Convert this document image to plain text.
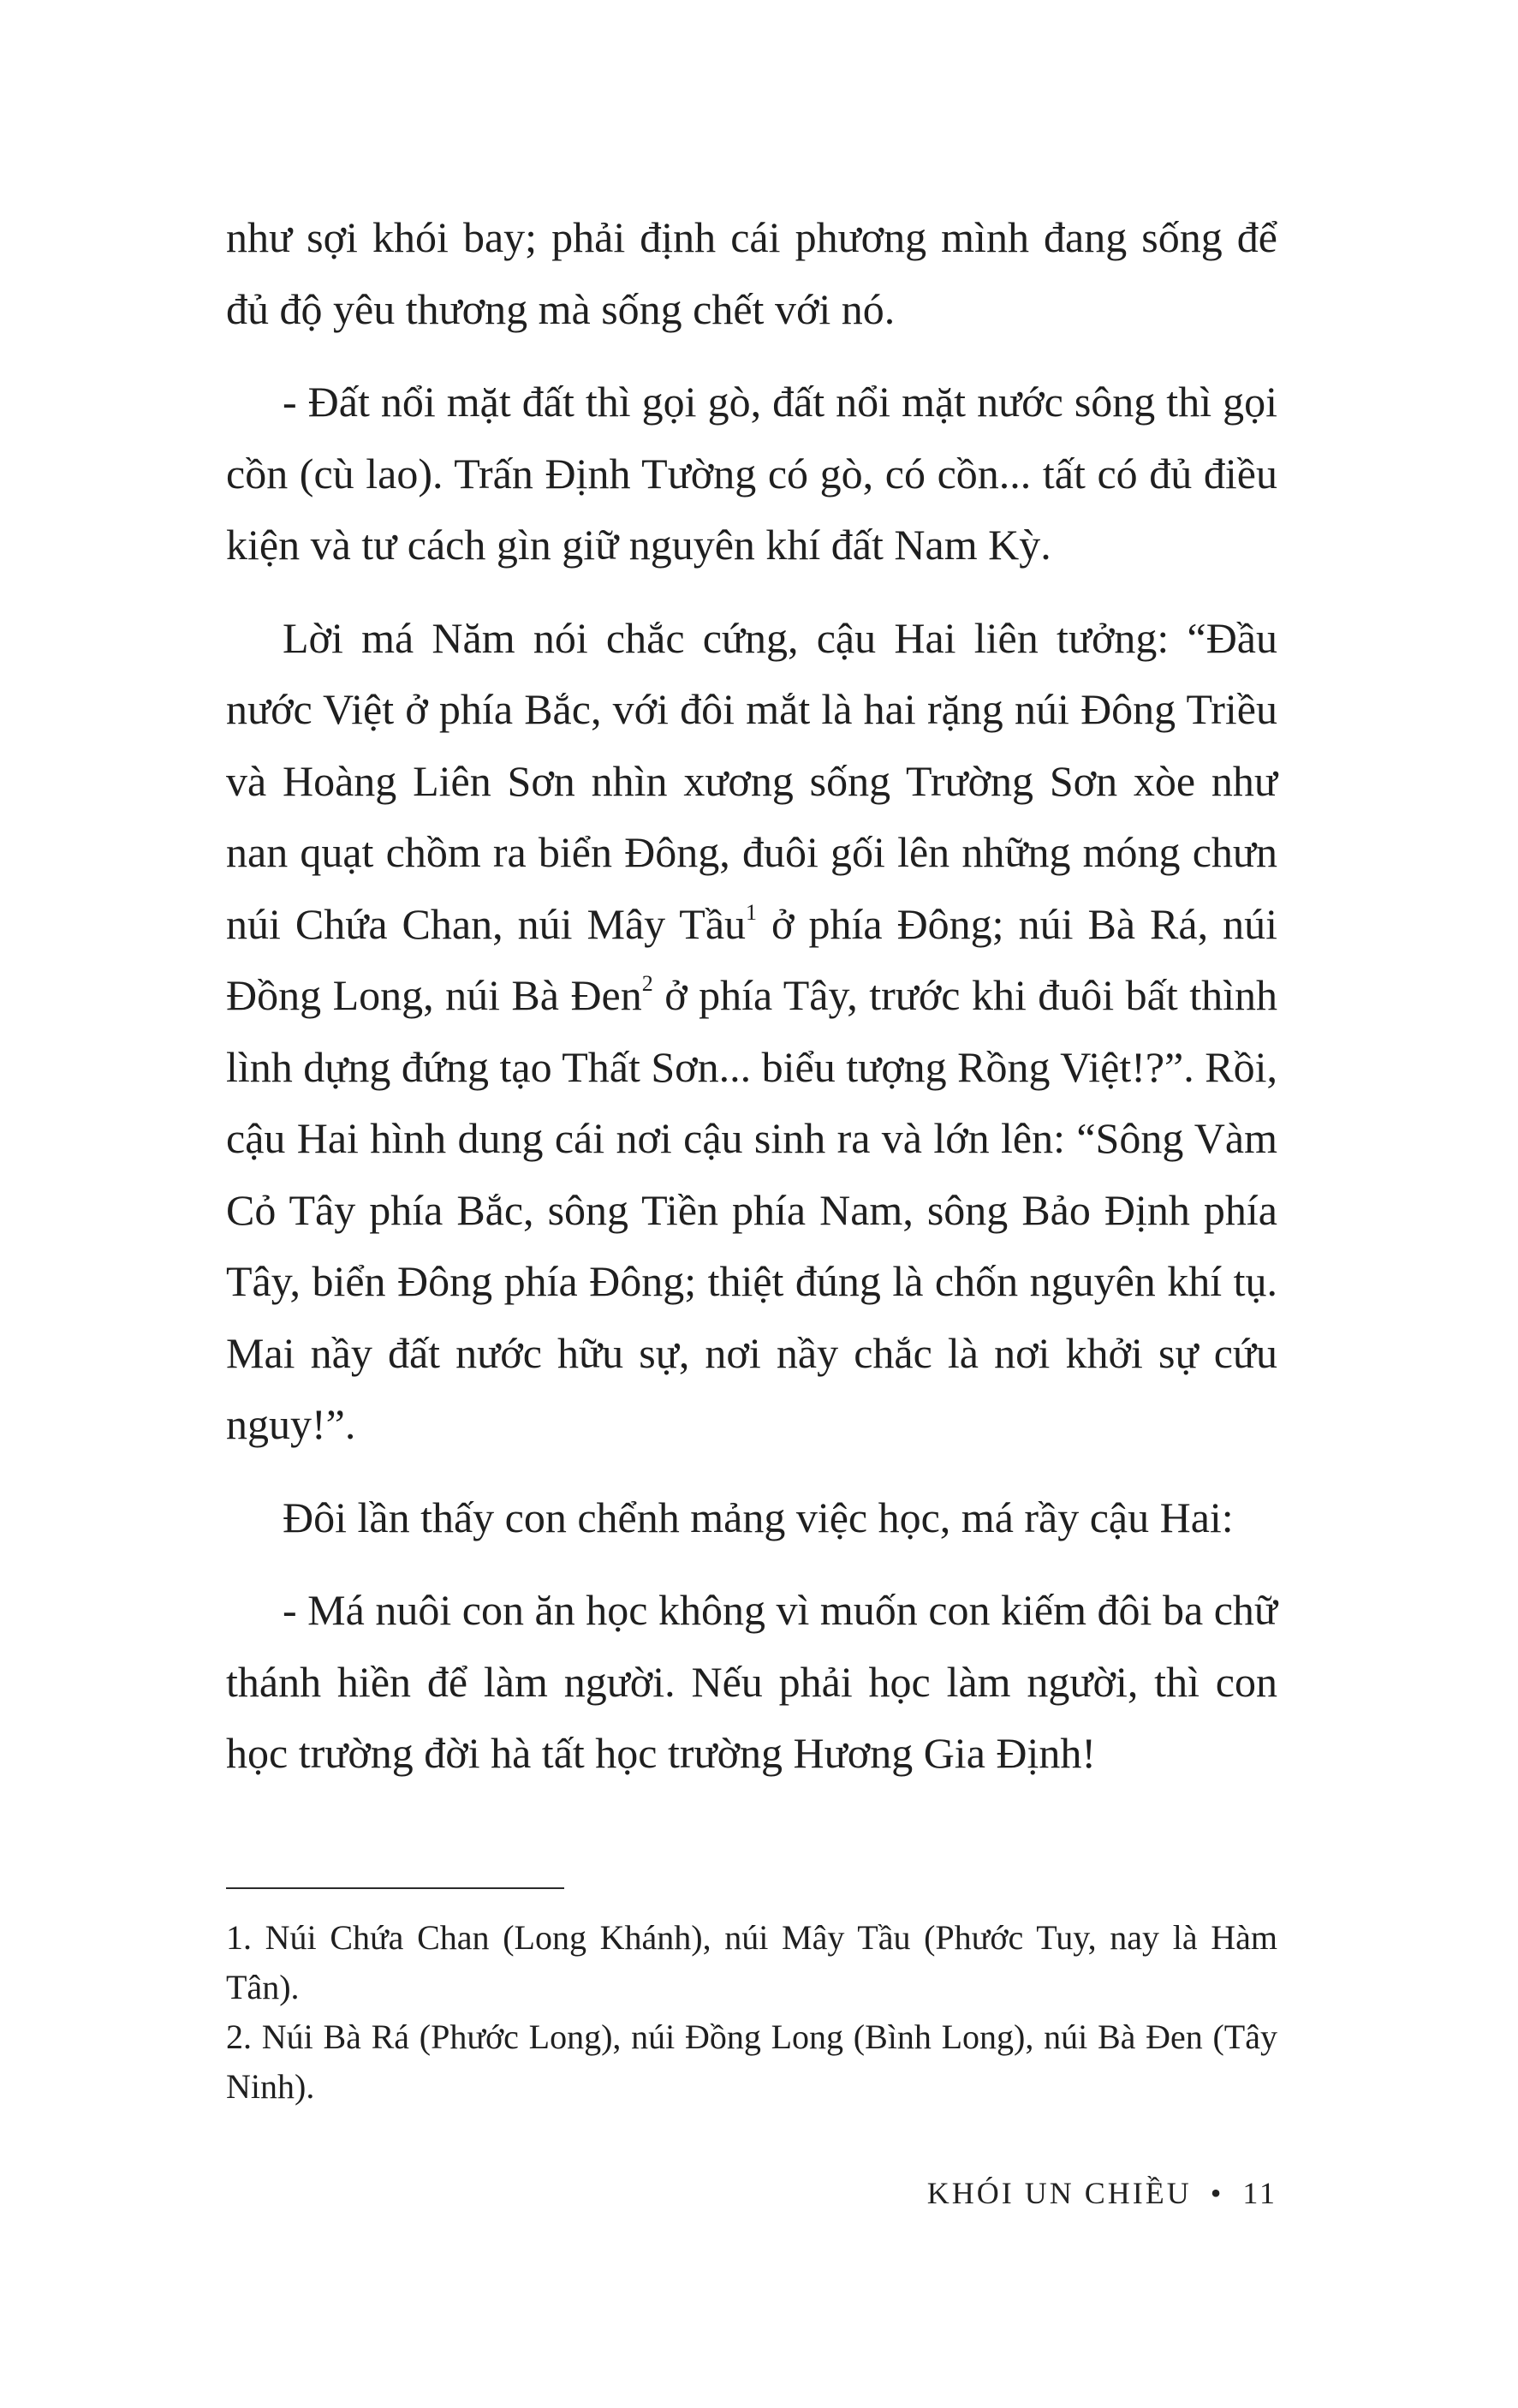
như sợi khói bay; phải định cái phương mình đang sống để đủ độ yêu thương mà sống chết với nó.

- Đất nổi mặt đất thì gọi gò, đất nổi mặt nước sông thì gọi cồn (cù lao). Trấn Định Tường có gò, có cồn... tất có đủ điều kiện và tư cách gìn giữ nguyên khí đất Nam Kỳ.

Lời má Năm nói chắc cứng, cậu Hai liên tưởng: “Đầu nước Việt ở phía Bắc, với đôi mắt là hai rặng núi Đông Triều và Hoàng Liên Sơn nhìn xương sống Trường Sơn xòe như nan quạt chồm ra biển Đông, đuôi gối lên những móng chưn núi Chứa Chan, núi Mây Tầu$^1$ ở phía Đông; núi Bà Rá, núi Đồng Long, núi Bà Đen$^2$ ở phía Tây, trước khi đuôi bất thình lình dựng đứng tạo Thất Sơn... biểu tượng Rồng Việt!?”. Rồi, cậu Hai hình dung cái nơi cậu sinh ra và lớn lên: “Sông Vàm Cỏ Tây phía Bắc, sông Tiền phía Nam, sông Bảo Định phía Tây, biển Đông phía Đông; thiệt đúng là chốn nguyên khí tụ. Mai nầy đất nước hữu sự, nơi nầy chắc là nơi khởi sự cứu nguy!”.

Đôi lần thấy con chểnh mảng việc học, má rầy cậu Hai:

- Má nuôi con ăn học không vì muốn con kiếm đôi ba chữ thánh hiền để làm người. Nếu phải học làm người, thì con học trường đời hà tất học trường Hương Gia Định!

1. Núi Chứa Chan (Long Khánh), núi Mây Tầu (Phước Tuy, nay là Hàm Tân).

2. Núi Bà Rá (Phước Long), núi Đồng Long (Bình Long), núi Bà Đen (Tây Ninh).

KHÓI UN CHIỀU • 11
